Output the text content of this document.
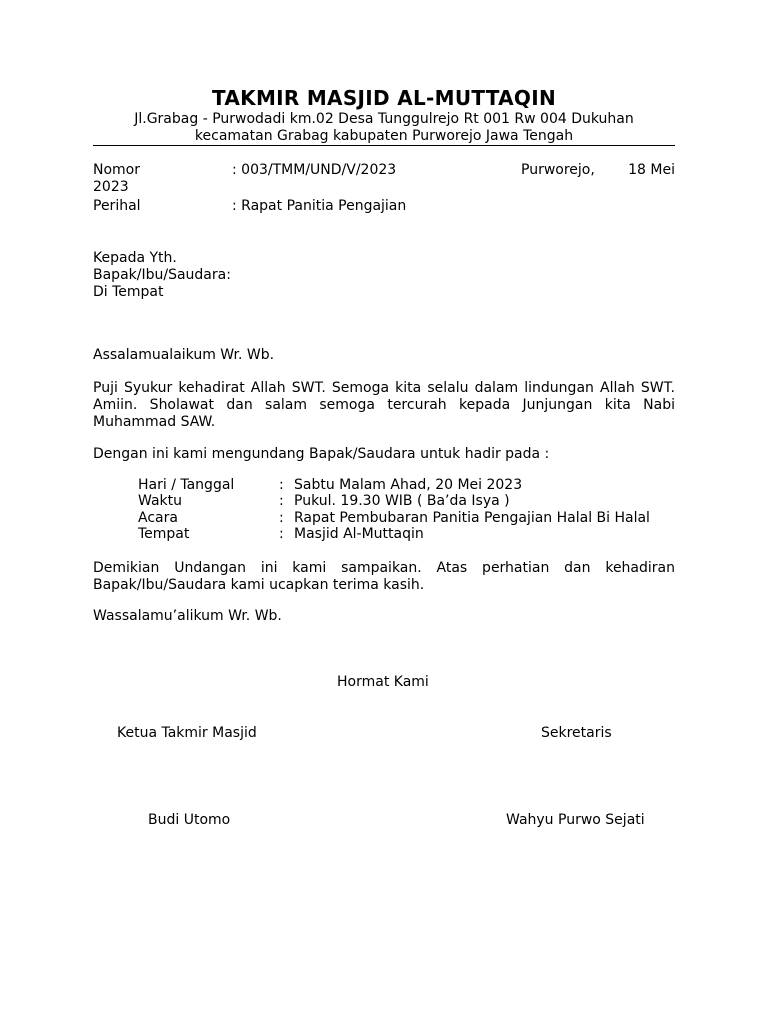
TAKMIR MASJID AL-MUTTAQIN
Jl.Grabag - Purwodadi km.02 Desa Tunggulrejo Rt 001 Rw 004 Dukuhan
kecamatan Grabag kabupaten Purworejo Jawa Tengah
Nomor	: 003/TMM/UND/V/2023	Purworejo,	18 Mei
2023
Perihal	: Rapat Panitia Pengajian
Kepada Yth.
Bapak/Ibu/Saudara:
Di Tempat
Assalamualaikum Wr. Wb.
Puji Syukur kehadirat Allah SWT. Semoga kita selalu dalam lindungan Allah SWT. Amiin. Sholawat dan salam semoga tercurah kepada Junjungan kita Nabi Muhammad SAW.
Dengan ini kami mengundang Bapak/Saudara untuk hadir pada :
Hari / Tanggal	: Sabtu Malam Ahad, 20 Mei 2023
Waktu	: Pukul. 19.30 WIB ( Ba’da Isya )
Acara	: Rapat Pembubaran Panitia Pengajian Halal Bi Halal
Tempat	: Masjid Al-Muttaqin
Demikian Undangan ini kami sampaikan. Atas perhatian dan kehadiran Bapak/Ibu/Saudara kami ucapkan terima kasih.
Wassalamu’alikum Wr. Wb.
Hormat Kami
Ketua Takmir Masjid	Sekretaris
Budi Utomo	Wahyu Purwo Sejati
